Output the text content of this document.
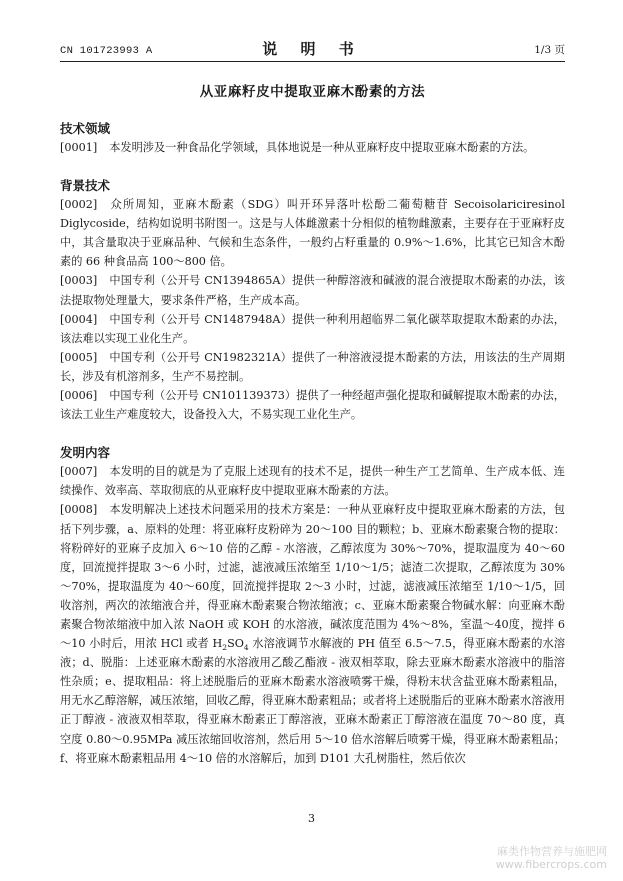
CN 101723993 A	说 明 书	1/3 页
从亚麻籽皮中提取亚麻木酚素的方法
技术领域

[0001] 本发明涉及一种食品化学领域，具体地说是一种从亚麻籽皮中提取亚麻木酚素的方法。

背景技术

[0002] 众所周知，亚麻木酚素（SDG）叫开环异落叶松酚二葡萄糖苷 Secoisolariciresinol Diglycoside，结构如说明书附图一。这是与人体雌激素十分相似的植物雌激素，主要存在于亚麻籽皮中，其含量取决于亚麻品种、气候和生态条件，一般约占籽重量的 0.9%～1.6%，比其它已知含木酚素的 66 种食品高 100～800 倍。

[0003] 中国专利（公开号 CN1394865A）提供一种醇溶液和碱液的混合液提取木酚素的办法，该法提取物处理量大，要求条件严格，生产成本高。

[0004] 中国专利（公开号 CN1487948A）提供一种利用超临界二氧化碳萃取提取木酚素的办法，该法难以实现工业化生产。

[0005] 中国专利（公开号 CN1982321A）提供了一种溶液浸提木酚素的方法，用该法的生产周期长，涉及有机溶剂多，生产不易控制。

[0006] 中国专利（公开号 CN101139373）提供了一种经超声强化提取和碱解提取木酚素的办法，该法工业生产难度较大，设备投入大，不易实现工业化生产。

发明内容

[0007] 本发明的目的就是为了克服上述现有的技术不足，提供一种生产工艺简单、生产成本低、连续操作、效率高、萃取彻底的从亚麻籽皮中提取亚麻木酚素的方法。

[0008] 本发明解决上述技术问题采用的技术方案是：一种从亚麻籽皮中提取亚麻木酚素的方法，包括下列步骤，a、原料的处理：将亚麻籽皮粉碎为 20～100 目的颗粒；b、亚麻木酚素聚合物的提取：将粉碎好的亚麻子皮加入 6～10 倍的乙醇 - 水溶液，乙醇浓度为 30%～70%，提取温度为 40～60度，回流搅拌提取 3～6 小时，过滤，滤液减压浓缩至 1/10～1/5；滤渣二次提取，乙醇浓度为 30%～70%，提取温度为 40～60度，回流搅拌提取 2～3 小时，过滤，滤液减压浓缩至 1/10～1/5，回收溶剂，两次的浓缩液合并，得亚麻木酚素聚合物浓缩液；c、亚麻木酚素聚合物碱水解：向亚麻木酚素聚合物浓缩液中加入浓 NaOH 或 KOH 的水溶液，碱浓度范围为 4%～8%，室温～40度，搅拌 6～10 小时后，用浓 HCl 或者 $H_2SO_4$ 水溶液调节水解液的 PH 值至 6.5～7.5，得亚麻木酚素的水溶液；d、脱脂：上述亚麻木酚素的水溶液用乙酸乙酯液 - 液双相萃取，除去亚麻木酚素水溶液中的脂溶性杂质；e、提取粗品：将上述脱脂后的亚麻木酚素水溶液喷雾干燥，得粉末状含盐亚麻木酚素粗品，用无水乙醇溶解，减压浓缩，回收乙醇，得亚麻木酚素粗品；或者将上述脱脂后的亚麻木酚素水溶液用正丁醇液 - 液液双相萃取，得亚麻木酚素正丁醇溶液，亚麻木酚素正丁醇溶液在温度 70～80 度，真空度 0.80～0.95MPa 减压浓缩回收溶剂，然后用 5～10 倍水溶解后喷雾干燥，得亚麻木酚素粗品；f、将亚麻木酚素粗品用 4～10 倍的水溶解后，加到 D101 大孔树脂柱，然后依次

3
麻类作物营养与施肥网
www.fibercrops.com
